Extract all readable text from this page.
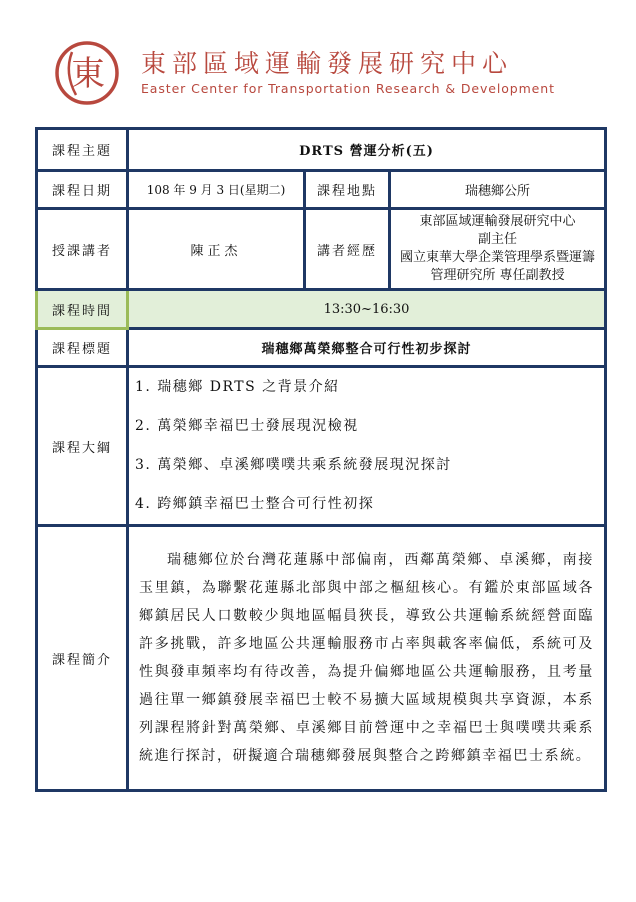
東 東部區域運輸發展研究中心
Easter Center for Transportation Research & Development
課程主題	DRTS 營運分析(五)		
課程日期	108 年 9 月 3 日(星期二)	課程地點	瑞穗鄉公所
授課講者	陳正杰	講者經歷	東部區域運輸發展研究中心
副主任
國立東華大學企業管理學系暨運籌
管理研究所 專任副教授

課程時間	13:30~16:30		
課程標題	瑞穗鄉萬榮鄉整合可行性初步探討		
課程大綱	1. 瑞穗鄉 DRTS 之背景介紹
2. 萬榮鄉幸福巴士發展現況檢視
3. 萬榮鄉、卓溪鄉噗噗共乘系統發展現況探討
4. 跨鄉鎮幸福巴士整合可行性初探		

課程簡介	瑞穗鄉位於台灣花蓮縣中部偏南，西鄰萬榮鄉、卓溪鄉，南接玉里鎮，為聯繫花蓮縣北部與中部之樞紐核心。有鑑於東部區域各鄉鎮居民人口數較少與地區幅員狹長，導致公共運輸系統經營面臨許多挑戰，許多地區公共運輸服務市占率與載客率偏低，系統可及性與發車頻率均有待改善，為提升偏鄉地區公共運輸服務，且考量過往單一鄉鎮發展幸福巴士較不易擴大區域規模與共享資源，本系列課程將針對萬榮鄉、卓溪鄉目前營運中之幸福巴士與噗噗共乘系統進行探討，研擬適合瑞穗鄉發展與整合之跨鄉鎮幸福巴士系統。		
